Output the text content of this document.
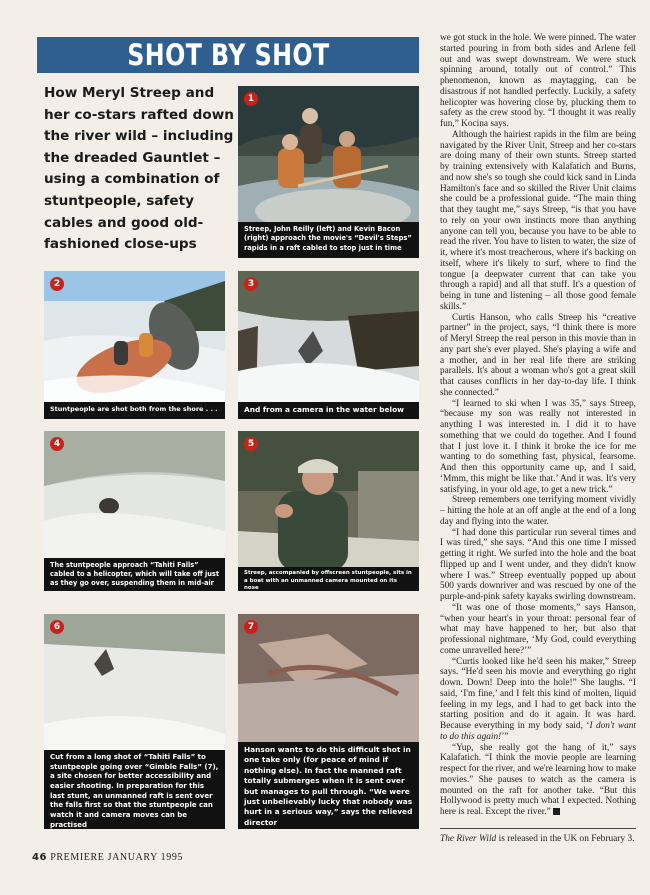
SHOT BY SHOT
How Meryl Streep and her co-stars rafted down the river wild – including the dreaded Gauntlet – using a combination of stuntpeople, safety cables and good old-fashioned close-ups
1
Streep, John Reilly (left) and Kevin Bacon (right) approach the movie's “Devil's Steps” rapids in a raft cabled to stop just in time
2
Stuntpeople are shot both from the shore . . .
3
And from a camera in the water below
4
The stuntpeople approach “Tahiti Falls” cabled to a helicopter, which will take off just as they go over, suspending them in mid-air
5
Streep, accompanied by offscreen stuntpeople, sits in a boat with an unmanned camera mounted on its nose
6
Cut from a long shot of “Tahiti Falls” to stuntpeople going over “Gimble Falls” (7), a site chosen for better accessibility and easier shooting. In preparation for this last stunt, an unmanned raft is sent over the falls first so that the stuntpeople can watch it and camera moves can be practised
7
Hanson wants to do this difficult shot in one take only (for peace of mind if nothing else). In fact the manned raft totally submerges when it is sent over but manages to pull through. “We were just unbelievably lucky that nobody was hurt in a serious way,” says the relieved director

we got stuck in the hole. We were pinned. The water started pouring in from both sides and Arlene fell out and was swept downstream. We were stuck spinning around, totally out of control.” This phenomenon, known as maytagging, can be disastrous if not handled perfectly. Luckily, a safety helicopter was hovering close by, plucking them to safety as the crew stood by. “I thought it was really fun,” Kocina says.

Although the hairiest rapids in the film are being navigated by the River Unit, Streep and her co-stars are doing many of their own stunts. Streep started by training extensively with Kalafatich and Burns, and now she's so tough she could kick sand in Linda Hamilton's face and so skilled the River Unit claims she could be a professional guide. “The main thing that they taught me,” says Streep, “is that you have to rely on your own instincts more than anything anyone can tell you, because you have to be able to read the river. You have to listen to water, the size of it, where it's most treacherous, where it's backing on itself, where it's likely to surf, where to find the tongue [a deepwater current that can take you through a rapid] and all that stuff. It's a question of being in tune and listening – all those good female skills.”

Curtis Hanson, who calls Streep his “creative partner” in the project, says, “I think there is more of Meryl Streep the real person in this movie than in any part she's ever played. She's playing a wife and a mother, and in her real life there are striking parallels. It's about a woman who's got a great skill that causes conflicts in her day-to-day life. I think she connected.”

“I learned to ski when I was 35,” says Streep, “because my son was really not interested in anything I was interested in. I did it to have something that we could do together. And I found that I just love it. I think it broke the ice for me wanting to do something fast, physical, fearsome. And then this opportunity came up, and I said, ‘Mmm, this might be like that.’ And it was. It's very satisfying, in your old age, to get a new trick.”

Streep remembers one terrifying moment vividly – hitting the hole at an off angle at the end of a long day and flying into the water.

“I had done this particular run several times and I was tired,” she says. “And this one time I missed getting it right. We surfed into the hole and the boat flipped up and I went under, and they didn't know where I was.” Streep eventually popped up about 500 yards downriver and was rescued by one of the purple-and-pink safety kayaks swirling downstream.

“It was one of those moments,” says Hanson, “when your heart's in your throat: personal fear of what may have happened to her, but also that professional nightmare, ‘My God, could everything come unravelled here?’”

“Curtis looked like he'd seen his maker,” Streep says. “He'd seen his movie and everything go right down. Down! Deep into the hole!” She laughs. “I said, ‘I'm fine,’ and I felt this kind of molten, liquid feeling in my legs, and I had to get back into the starting position and do it again. It was hard. Because everything in my body said, ‘I don't want to do this again!’”

“Yup, she really got the hang of it,” says Kalafatich. “I think the movie people are learning respect for the river, and we're learning how to make movies.” She pauses to watch as the camera is mounted on the raft for another take. “But this Hollywood is pretty much what I expected. Nothing here is real. Except the river.”

The River Wild is released in the UK on February 3.
46 PREMIERE JANUARY 1995
